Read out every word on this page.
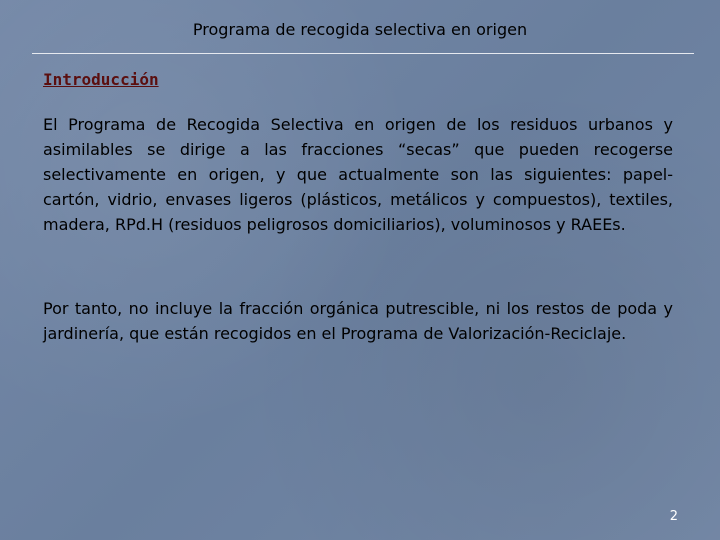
Programa de recogida selectiva en origen
Introducción
El Programa de Recogida Selectiva en origen de los residuos urbanos y asimilables se dirige a las fracciones “secas” que pueden recogerse selectivamente en origen, y que actualmente son las siguientes: papel-cartón, vidrio, envases ligeros (plásticos, metálicos y compuestos), textiles, madera, RPd.H (residuos peligrosos domiciliarios), voluminosos y RAEEs.
Por tanto, no incluye la fracción orgánica putrescible, ni los restos de poda y jardinería, que están recogidos en el Programa de Valorización-Reciclaje.
2
